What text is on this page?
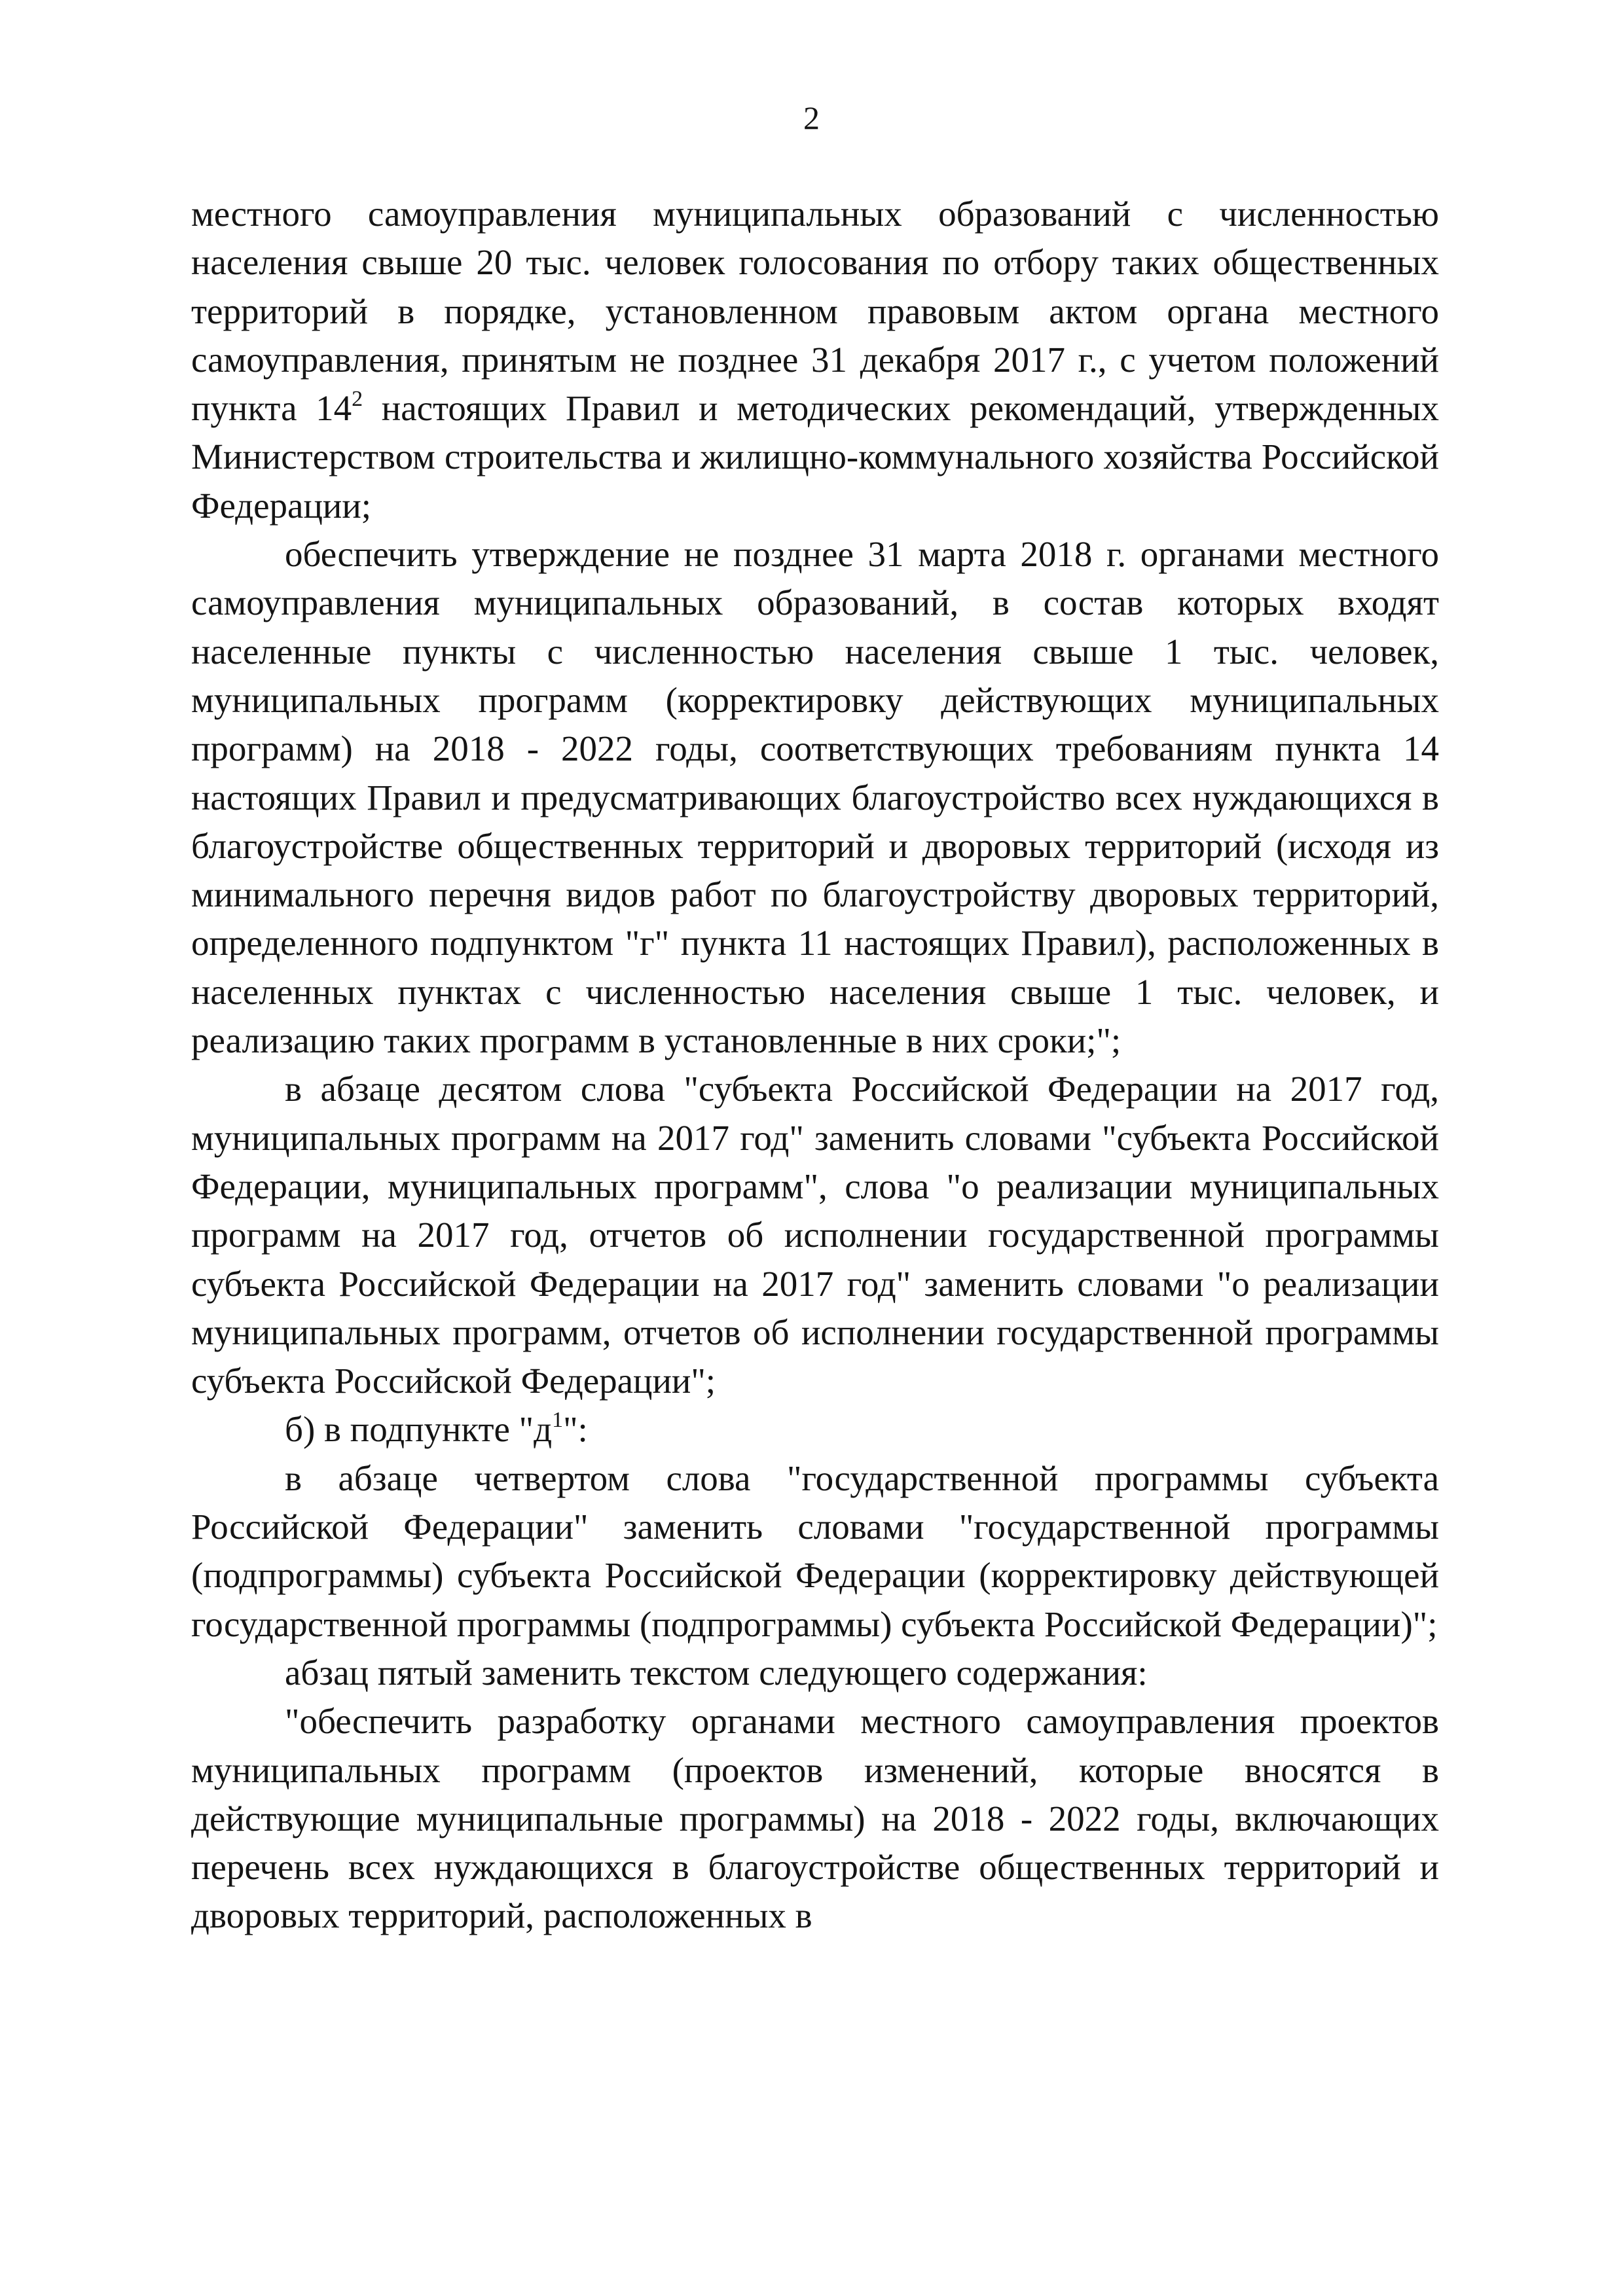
2

местного самоуправления муниципальных образований с численностью населения свыше 20 тыс. человек голосования по отбору таких общественных территорий в порядке, установленном правовым актом органа местного самоуправления, принятым не позднее 31 декабря 2017 г., с учетом положений пункта $14^2$ настоящих Правил и методических рекомендаций, утвержденных Министерством строительства и жилищно-коммунального хозяйства Российской Федерации;

обеспечить утверждение не позднее 31 марта 2018 г. органами местного самоуправления муниципальных образований, в состав которых входят населенные пункты с численностью населения свыше 1 тыс. человек, муниципальных программ (корректировку действующих муниципальных программ) на 2018 - 2022 годы, соответствующих требованиям пункта 14 настоящих Правил и предусматривающих благоустройство всех нуждающихся в благоустройстве общественных территорий и дворовых территорий (исходя из минимального перечня видов работ по благоустройству дворовых территорий, определенного подпунктом "г" пункта 11 настоящих Правил), расположенных в населенных пунктах с численностью населения свыше 1 тыс. человек, и реализацию таких программ в установленные в них сроки;";

в абзаце десятом слова "субъекта Российской Федерации на 2017 год, муниципальных программ на 2017 год" заменить словами "субъекта Российской Федерации, муниципальных программ", слова "о реализации муниципальных программ на 2017 год, отчетов об исполнении государственной программы субъекта Российской Федерации на 2017 год" заменить словами "о реализации муниципальных программ, отчетов об исполнении государственной программы субъекта Российской Федерации";

б) в подпункте "$д^1$":

в абзаце четвертом слова "государственной программы субъекта Российской Федерации" заменить словами "государственной программы (подпрограммы) субъекта Российской Федерации (корректировку действующей государственной программы (подпрограммы) субъекта Российской Федерации)";

абзац пятый заменить текстом следующего содержания:

"обеспечить разработку органами местного самоуправления проектов муниципальных программ (проектов изменений, которые вносятся в действующие муниципальные программы) на 2018 - 2022 годы, включающих перечень всех нуждающихся в благоустройстве общественных территорий и дворовых территорий, расположенных в
